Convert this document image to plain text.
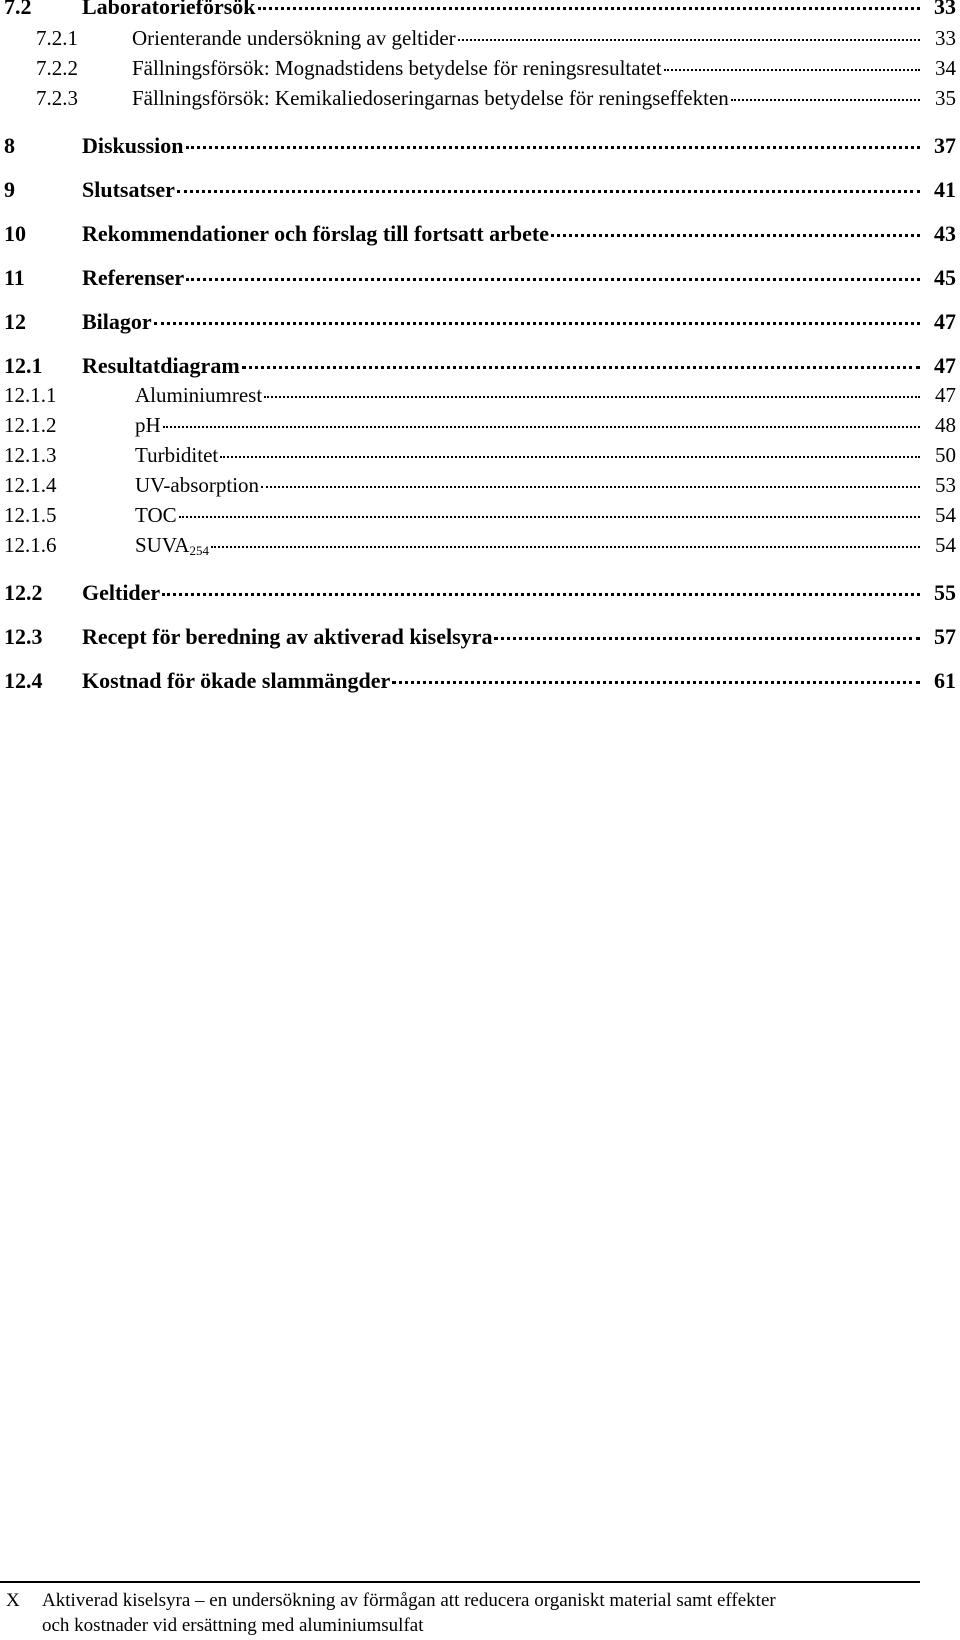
7.2	Laboratorieförsök	33
7.2.1	Orienterande undersökning av geltider	33
7.2.2	Fällningsförsök: Mognadstidens betydelse för reningsresultatet	34
7.2.3	Fällningsförsök: Kemikaliedoseringarnas betydelse för reningseffekten	35
8	Diskussion	37
9	Slutsatser	41
10	Rekommendationer och förslag till fortsatt arbete	43
11	Referenser	45
12	Bilagor	47
12.1	Resultatdiagram	47
12.1.1	Aluminiumrest	47
12.1.2	pH	48
12.1.3	Turbiditet	50
12.1.4	UV-absorption	53
12.1.5	TOC	54
12.1.6	$SUVA_{254}$	54
12.2	Geltider	55
12.3	Recept för beredning av aktiverad kiselsyra	57
12.4	Kostnad för ökade slammängder	61
X Aktiverad kiselsyra – en undersökning av förmågan att reducera organiskt material samt effekter
och kostnader vid ersättning med aluminiumsulfat
